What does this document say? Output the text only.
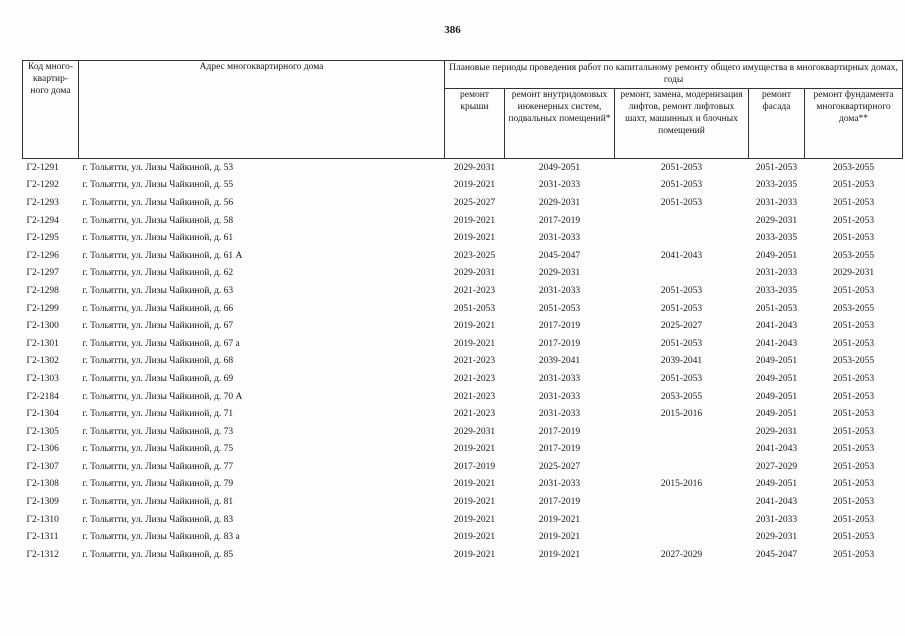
386
Код много-квартир-ного дома	Адрес многоквартирного дома	Плановые периоды проведения работ по капитальному ремонту общего имущества в многоквартирных домах, годы				
		ремонт крыши	ремонт внутридомовых инженерных систем, подвальных помещений*	ремонт, замена, модернизация лифтов, ремонт лифтовых шахт, машинных и блочных помещений	ремонт фасада	ремонт фундамента многоквартирного дома**
Г2-1291	г. Тольятти, ул. Лизы Чайкиной, д. 53	2029-2031	2049-2051	2051-2053	2051-2053	2053-2055
Г2-1292	г. Тольятти, ул. Лизы Чайкиной, д. 55	2019-2021	2031-2033	2051-2053	2033-2035	2051-2053
Г2-1293	г. Тольятти, ул. Лизы Чайкиной, д. 56	2025-2027	2029-2031	2051-2053	2031-2033	2051-2053
Г2-1294	г. Тольятти, ул. Лизы Чайкиной, д. 58	2019-2021	2017-2019		2029-2031	2051-2053
Г2-1295	г. Тольятти, ул. Лизы Чайкиной, д. 61	2019-2021	2031-2033		2033-2035	2051-2053
Г2-1296	г. Тольятти, ул. Лизы Чайкиной, д. 61 А	2023-2025	2045-2047	2041-2043	2049-2051	2053-2055
Г2-1297	г. Тольятти, ул. Лизы Чайкиной, д. 62	2029-2031	2029-2031		2031-2033	2029-2031
Г2-1298	г. Тольятти, ул. Лизы Чайкиной, д. 63	2021-2023	2031-2033	2051-2053	2033-2035	2051-2053
Г2-1299	г. Тольятти, ул. Лизы Чайкиной, д. 66	2051-2053	2051-2053	2051-2053	2051-2053	2053-2055
Г2-1300	г. Тольятти, ул. Лизы Чайкиной, д. 67	2019-2021	2017-2019	2025-2027	2041-2043	2051-2053
Г2-1301	г. Тольятти, ул. Лизы Чайкиной, д. 67 а	2019-2021	2017-2019	2051-2053	2041-2043	2051-2053
Г2-1302	г. Тольятти, ул. Лизы Чайкиной, д. 68	2021-2023	2039-2041	2039-2041	2049-2051	2053-2055
Г2-1303	г. Тольятти, ул. Лизы Чайкиной, д. 69	2021-2023	2031-2033	2051-2053	2049-2051	2051-2053
Г2-2184	г. Тольятти, ул. Лизы Чайкиной, д. 70 А	2021-2023	2031-2033	2053-2055	2049-2051	2051-2053
Г2-1304	г. Тольятти, ул. Лизы Чайкиной, д. 71	2021-2023	2031-2033	2015-2016	2049-2051	2051-2053
Г2-1305	г. Тольятти, ул. Лизы Чайкиной, д. 73	2029-2031	2017-2019		2029-2031	2051-2053
Г2-1306	г. Тольятти, ул. Лизы Чайкиной, д. 75	2019-2021	2017-2019		2041-2043	2051-2053
Г2-1307	г. Тольятти, ул. Лизы Чайкиной, д. 77	2017-2019	2025-2027		2027-2029	2051-2053
Г2-1308	г. Тольятти, ул. Лизы Чайкиной, д. 79	2019-2021	2031-2033	2015-2016	2049-2051	2051-2053
Г2-1309	г. Тольятти, ул. Лизы Чайкиной, д. 81	2019-2021	2017-2019		2041-2043	2051-2053
Г2-1310	г. Тольятти, ул. Лизы Чайкиной, д. 83	2019-2021	2019-2021		2031-2033	2051-2053
Г2-1311	г. Тольятти, ул. Лизы Чайкиной, д. 83 а	2019-2021	2019-2021		2029-2031	2051-2053
Г2-1312	г. Тольятти, ул. Лизы Чайкиной, д. 85	2019-2021	2019-2021	2027-2029	2045-2047	2051-2053
